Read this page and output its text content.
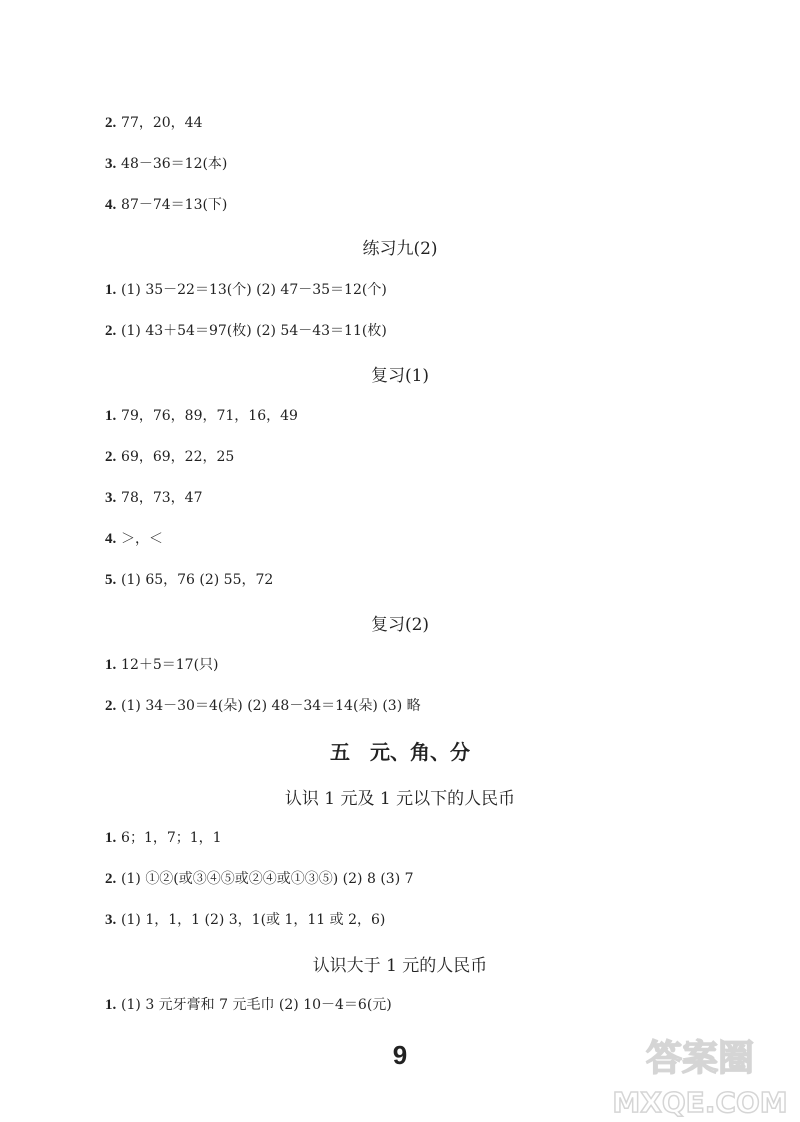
2. 77，20，44
3. 48－36＝12(本)
4. 87－74＝13(下)
练习九(2)
1. (1) 35－22＝13(个) (2) 47－35＝12(个)
2. (1) 43＋54＝97(枚) (2) 54－43＝11(枚)
复习(1)
1. 79，76，89，71，16，49
2. 69，69，22，25
3. 78，73，47
4. ＞，＜
5. (1) 65，76 (2) 55，72
复习(2)
1. 12＋5＝17(只)
2. (1) 34－30＝4(朵) (2) 48－34＝14(朵) (3) 略
五　元、角、分
认识 1 元及 1 元以下的人民币
1. 6；1，7；1，1
2. (1) ①②(或③④⑤或②④或①③⑤) (2) 8 (3) 7
3. (1) 1，1，1 (2) 3，1(或 1，11 或 2，6)
认识大于 1 元的人民币
1. (1) 3 元牙膏和 7 元毛巾 (2) 10－4＝6(元)
9	答案圈
MXQE.COM
